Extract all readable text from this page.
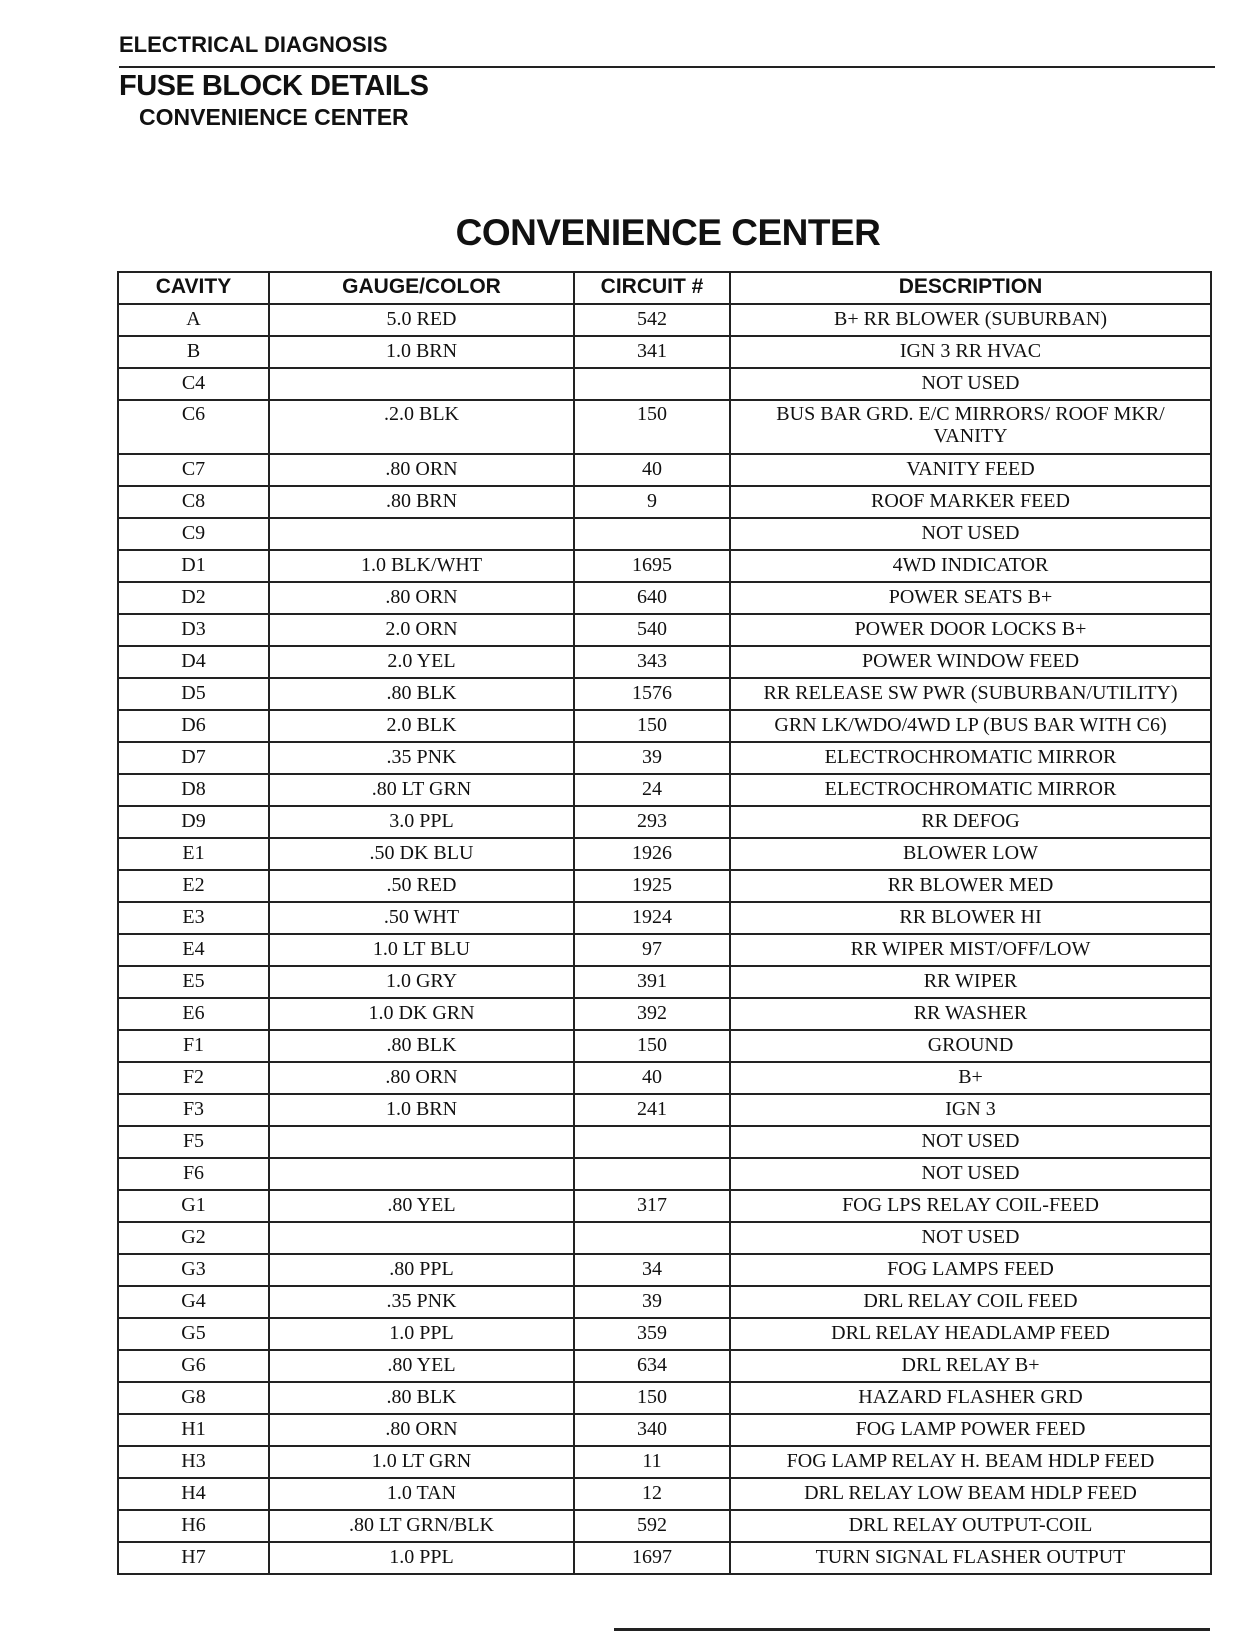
ELECTRICAL DIAGNOSIS
FUSE BLOCK DETAILS
CONVENIENCE CENTER
CONVENIENCE CENTER
CAVITY	GAUGE/COLOR	CIRCUIT #	DESCRIPTION
A	5.0 RED	542	B+ RR BLOWER (SUBURBAN)
B	1.0 BRN	341	IGN 3 RR HVAC
C4			NOT USED
C6	.2.0 BLK	150	BUS BAR GRD. E/C MIRRORS/ ROOF MKR/ VANITY
C7	.80 ORN	40	VANITY FEED
C8	.80 BRN	9	ROOF MARKER FEED
C9			NOT USED
D1	1.0 BLK/WHT	1695	4WD INDICATOR
D2	.80 ORN	640	POWER SEATS B+
D3	2.0 ORN	540	POWER DOOR LOCKS B+
D4	2.0 YEL	343	POWER WINDOW FEED
D5	.80 BLK	1576	RR RELEASE SW PWR (SUBURBAN/UTILITY)
D6	2.0 BLK	150	GRN LK/WDO/4WD LP (BUS BAR WITH C6)
D7	.35 PNK	39	ELECTROCHROMATIC MIRROR
D8	.80 LT GRN	24	ELECTROCHROMATIC MIRROR
D9	3.0 PPL	293	RR DEFOG
E1	.50 DK BLU	1926	BLOWER LOW
E2	.50 RED	1925	RR BLOWER MED
E3	.50 WHT	1924	RR BLOWER HI
E4	1.0 LT BLU	97	RR WIPER MIST/OFF/LOW
E5	1.0 GRY	391	RR WIPER
E6	1.0 DK GRN	392	RR WASHER
F1	.80 BLK	150	GROUND
F2	.80 ORN	40	B+
F3	1.0 BRN	241	IGN 3
F5			NOT USED
F6			NOT USED
G1	.80 YEL	317	FOG LPS RELAY COIL-FEED
G2			NOT USED
G3	.80 PPL	34	FOG LAMPS FEED
G4	.35 PNK	39	DRL RELAY COIL FEED
G5	1.0 PPL	359	DRL RELAY HEADLAMP FEED
G6	.80 YEL	634	DRL RELAY B+
G8	.80 BLK	150	HAZARD FLASHER GRD
H1	.80 ORN	340	FOG LAMP POWER FEED
H3	1.0 LT GRN	11	FOG LAMP RELAY H. BEAM HDLP FEED
H4	1.0 TAN	12	DRL RELAY LOW BEAM HDLP FEED
H6	.80 LT GRN/BLK	592	DRL RELAY OUTPUT-COIL
H7	1.0 PPL	1697	TURN SIGNAL FLASHER OUTPUT
